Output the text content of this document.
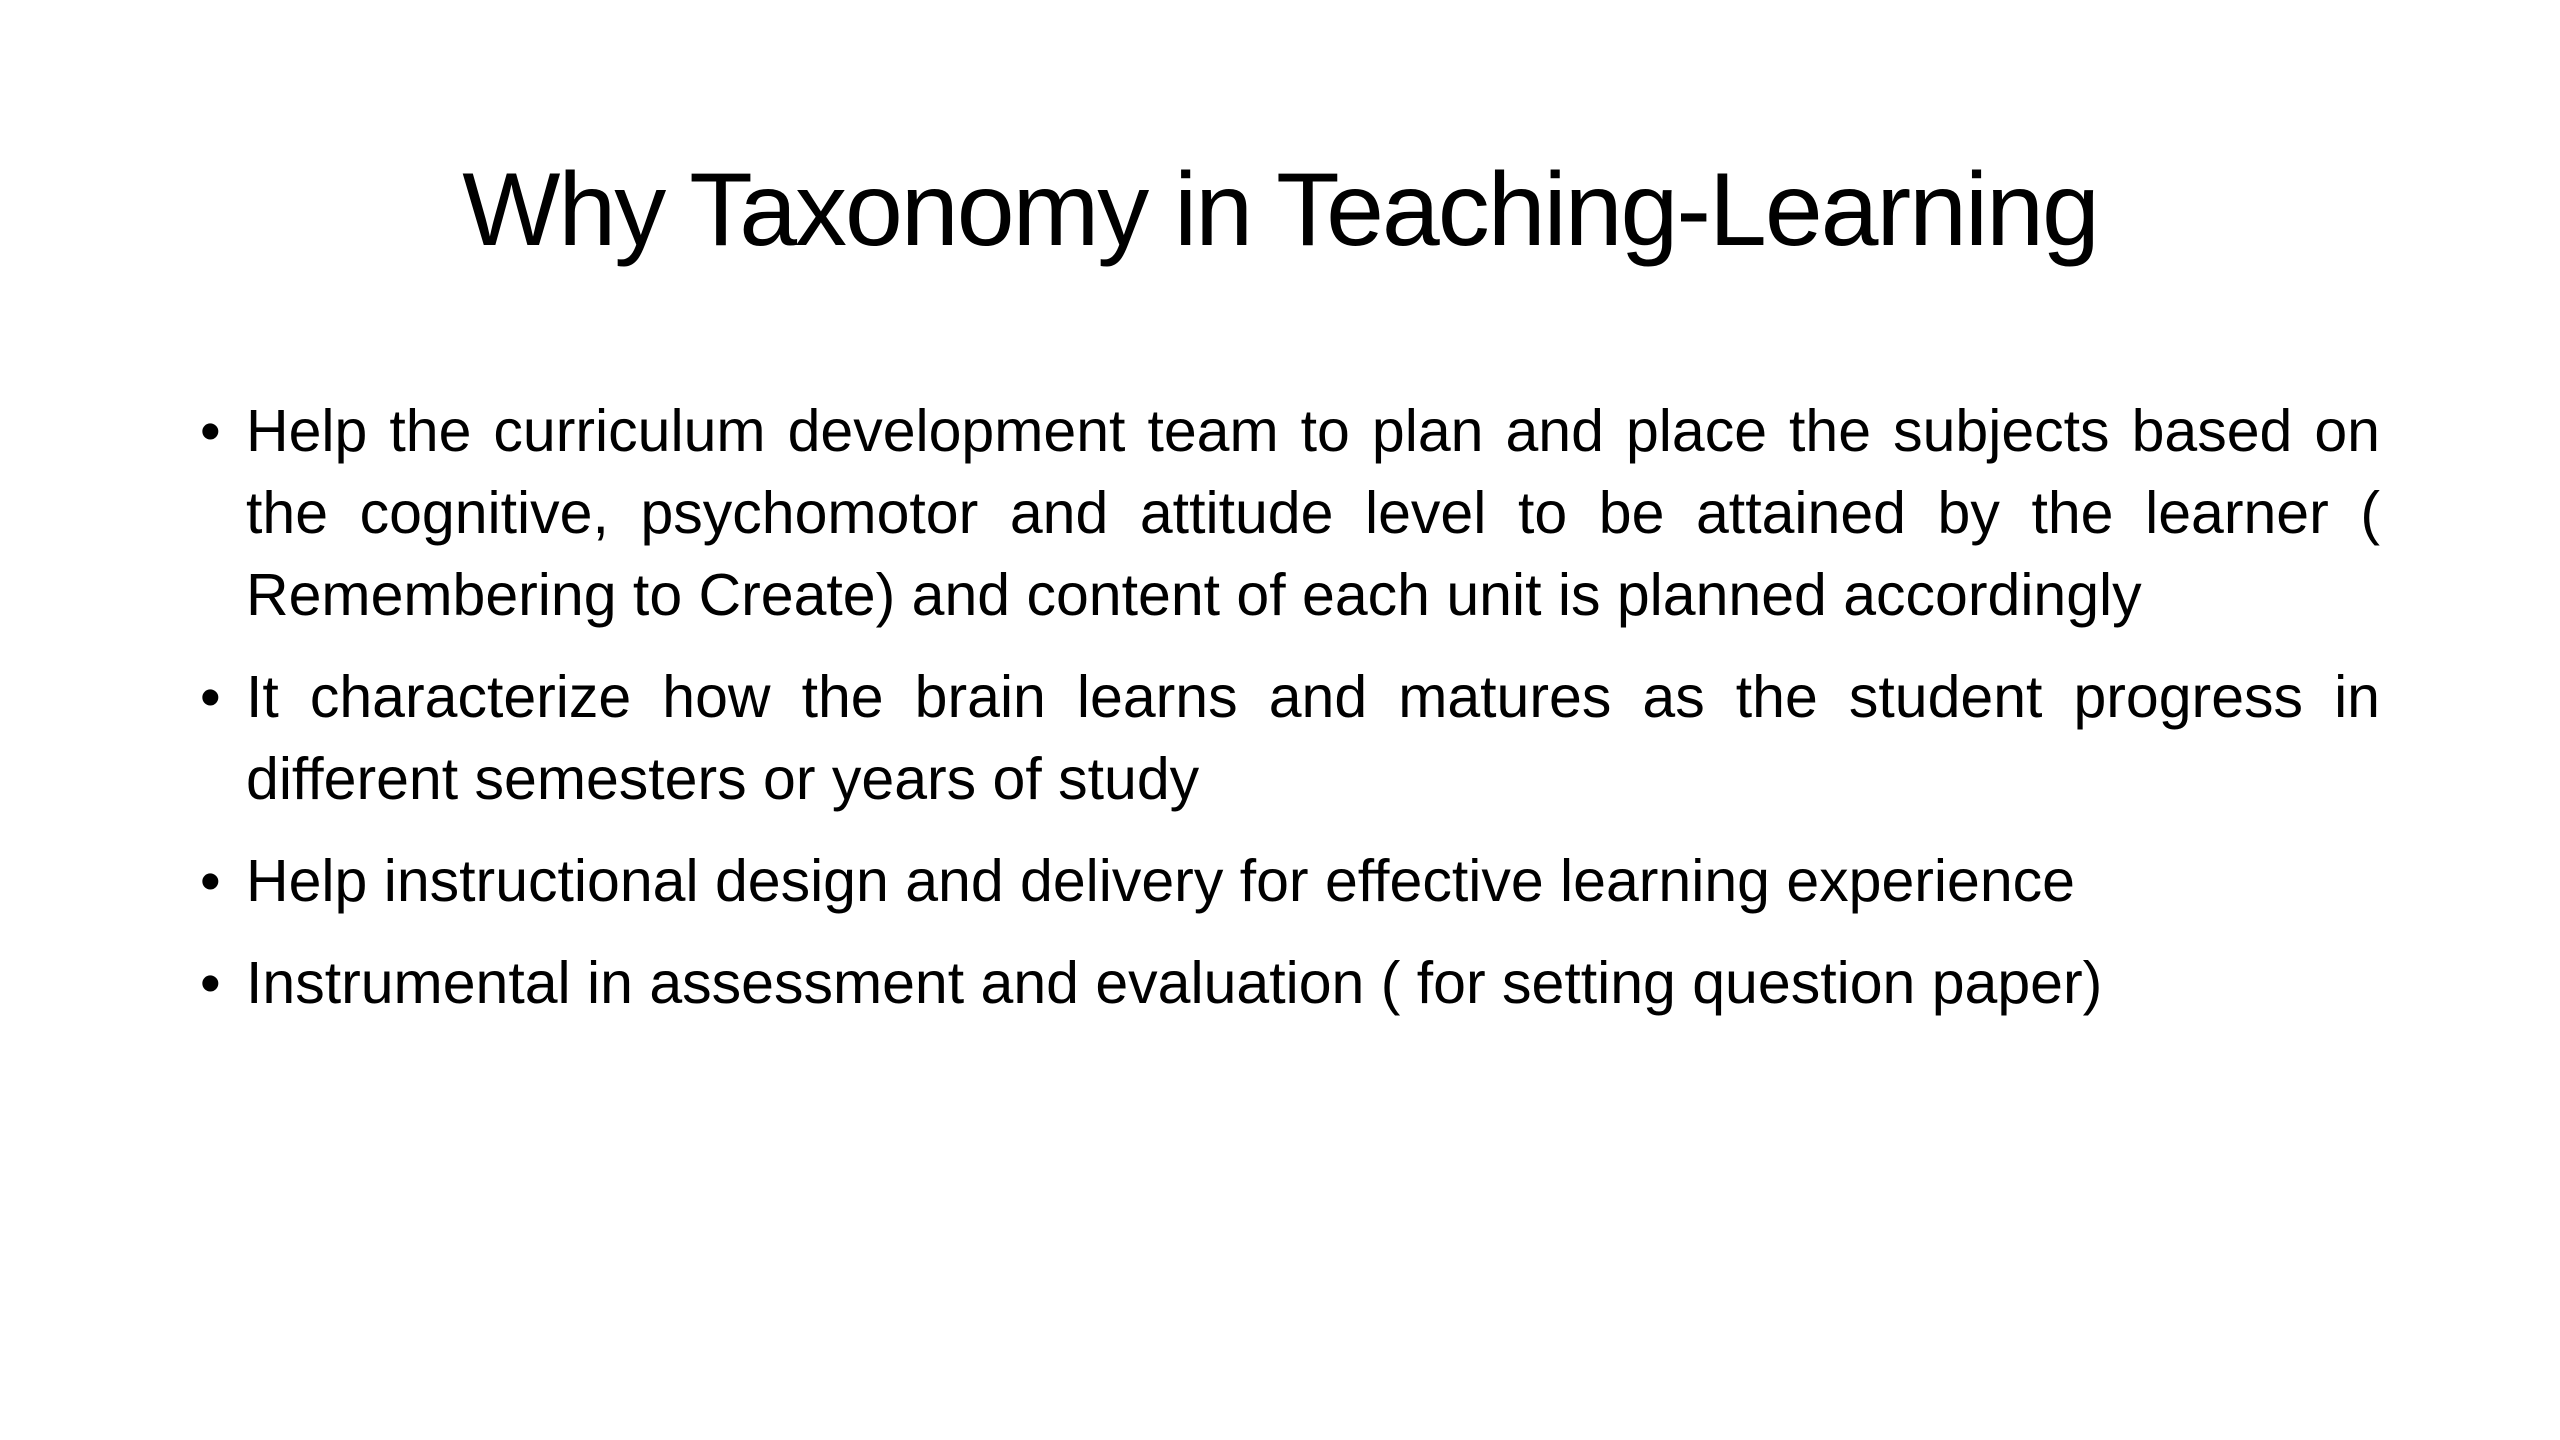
Why Taxonomy in Teaching-Learning
• Help the curriculum development team to plan and place the subjects based on the cognitive, psychomotor and attitude level to be attained by the learner ( Remembering to Create) and content of each unit is planned accordingly
• It characterize how the brain learns and matures as the student progress in different semesters or years of study
• Help instructional design and delivery for effective learning experience
• Instrumental in assessment and evaluation ( for setting question paper)
